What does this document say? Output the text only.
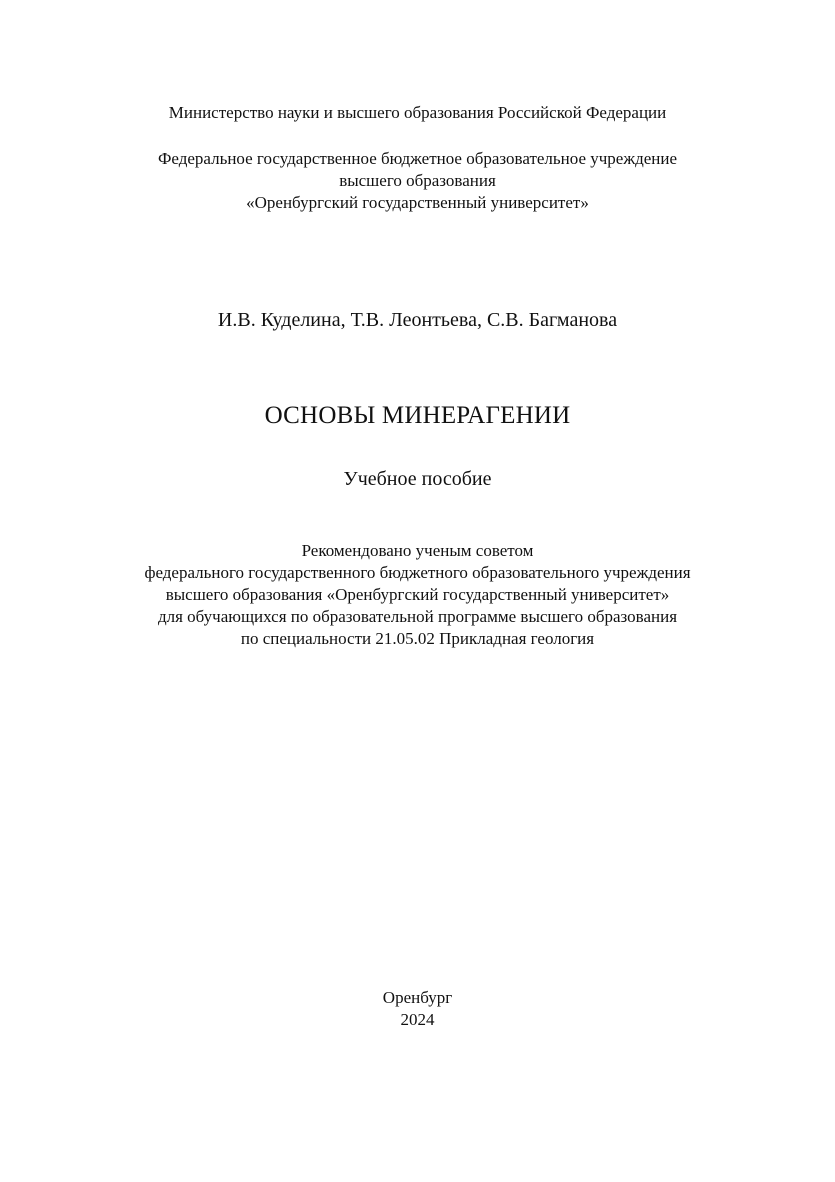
Министерство науки и высшего образования Российской Федерации

Федеральное государственное бюджетное образовательное учреждение
высшего образования
«Оренбургский государственный университет»

И.В. Куделина, Т.В. Леонтьева, С.В. Багманова

ОСНОВЫ МИНЕРАГЕНИИ

Учебное пособие

Рекомендовано ученым советом
федерального государственного бюджетного образовательного учреждения
высшего образования «Оренбургский государственный университет»
для обучающихся по образовательной программе высшего образования
по специальности 21.05.02 Прикладная геология
Оренбург
2024
